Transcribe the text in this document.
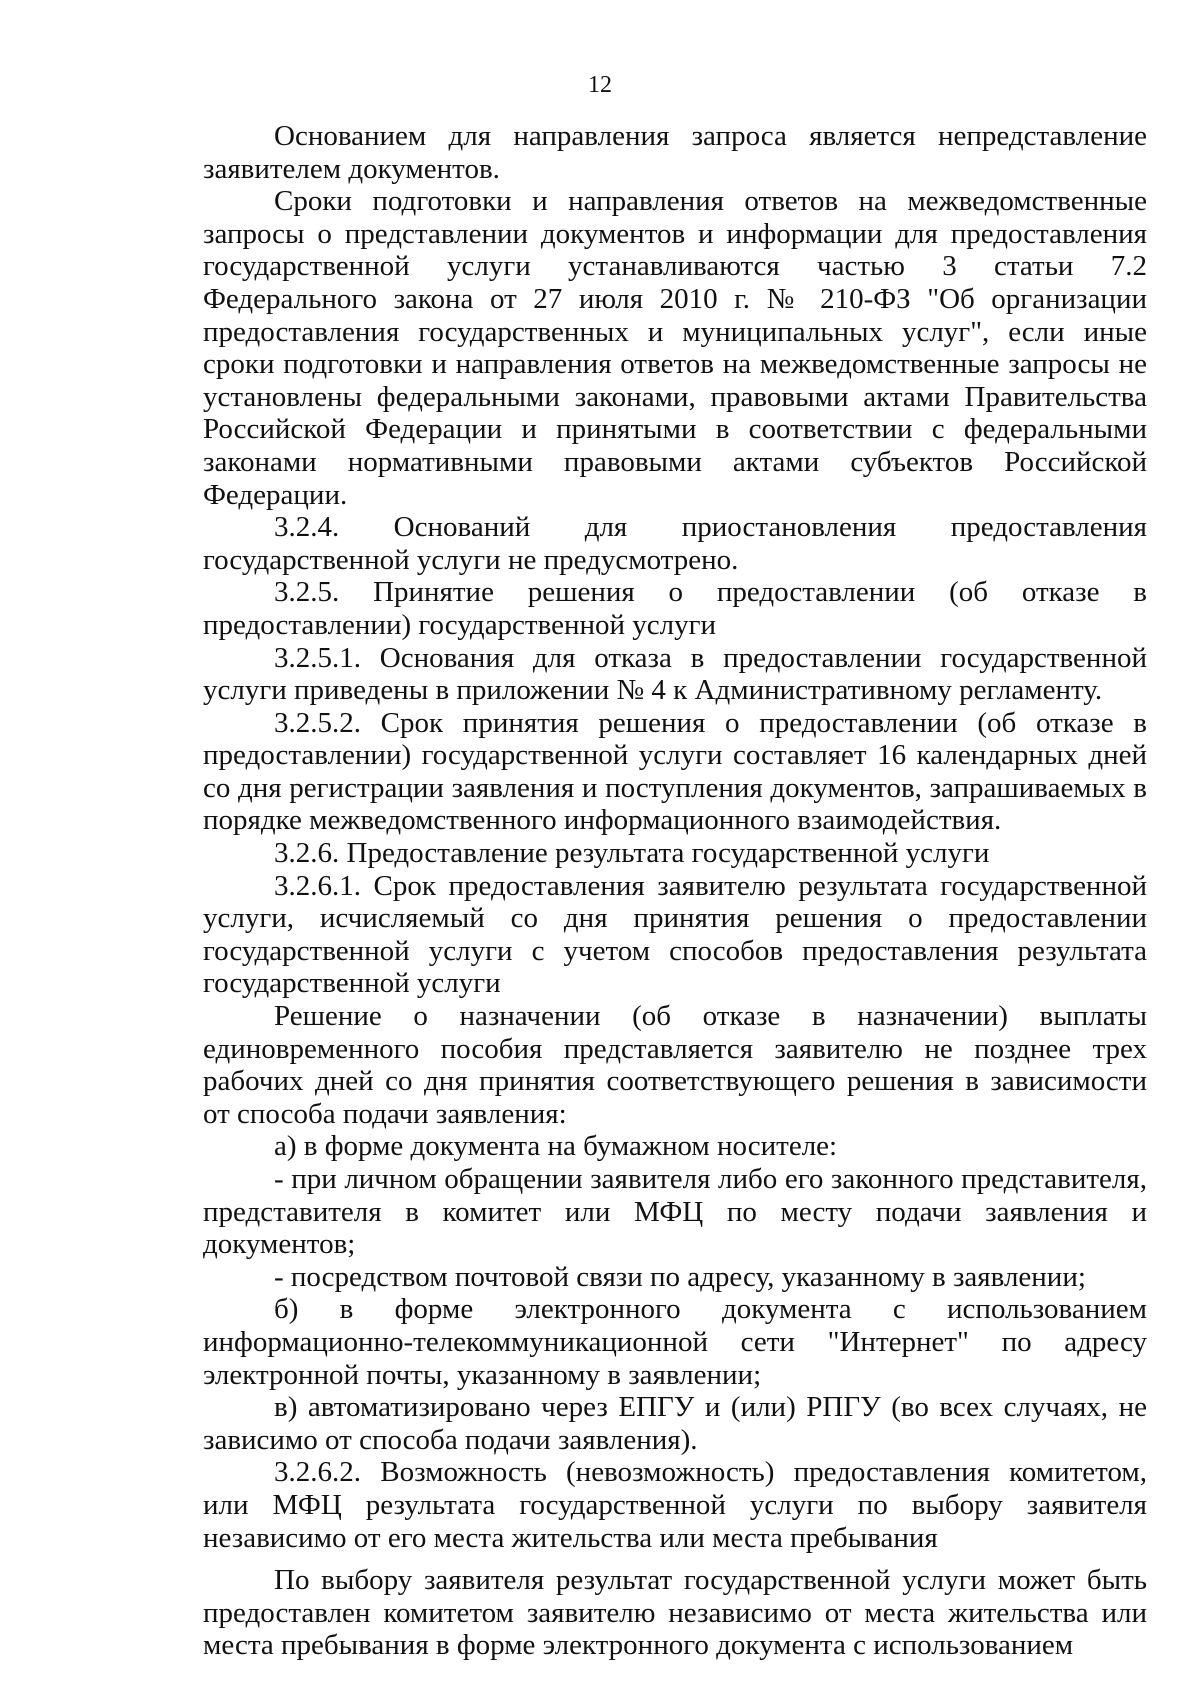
12

Основанием для направления запроса является непредставление заявителем документов.

Сроки подготовки и направления ответов на межведомственные запросы о представлении документов и информации для предоставления государственной услуги устанавливаются частью 3 статьи 7.2 Федерального закона от 27 июля 2010 г. № 210-ФЗ "Об организации предоставления государственных и муниципальных услуг", если иные сроки подготовки и направления ответов на межведомственные запросы не установлены федеральными законами, правовыми актами Правительства Российской Федерации и принятыми в соответствии с федеральными законами нормативными правовыми актами субъектов Российской Федерации.

3.2.4. Оснований для приостановления предоставления государственной услуги не предусмотрено.

3.2.5. Принятие решения о предоставлении (об отказе в предоставлении) государственной услуги

3.2.5.1. Основания для отказа в предоставлении государственной услуги приведены в приложении № 4 к Административному регламенту.

3.2.5.2. Срок принятия решения о предоставлении (об отказе в предоставлении) государственной услуги составляет 16 календарных дней со дня регистрации заявления и поступления документов, запрашиваемых в порядке межведомственного информационного взаимодействия.

3.2.6. Предоставление результата государственной услуги

3.2.6.1. Срок предоставления заявителю результата государственной услуги, исчисляемый со дня принятия решения о предоставлении государственной услуги с учетом способов предоставления результата государственной услуги

Решение о назначении (об отказе в назначении) выплаты единовременного пособия представляется заявителю не позднее трех рабочих дней со дня принятия соответствующего решения в зависимости от способа подачи заявления:

а) в форме документа на бумажном носителе:

- при личном обращении заявителя либо его законного представителя, представителя в комитет или МФЦ по месту подачи заявления и документов;

- посредством почтовой связи по адресу, указанному в заявлении;

б) в форме электронного документа с использованием информационно-телекоммуникационной сети "Интернет" по адресу электронной почты, указанному в заявлении;

в) автоматизировано через ЕПГУ и (или) РПГУ (во всех случаях, не зависимо от способа подачи заявления).

3.2.6.2. Возможность (невозможность) предоставления комитетом, или МФЦ результата государственной услуги по выбору заявителя независимо от его места жительства или места пребывания

По выбору заявителя результат государственной услуги может быть предоставлен комитетом заявителю независимо от места жительства или места пребывания в форме электронного документа с использованием
